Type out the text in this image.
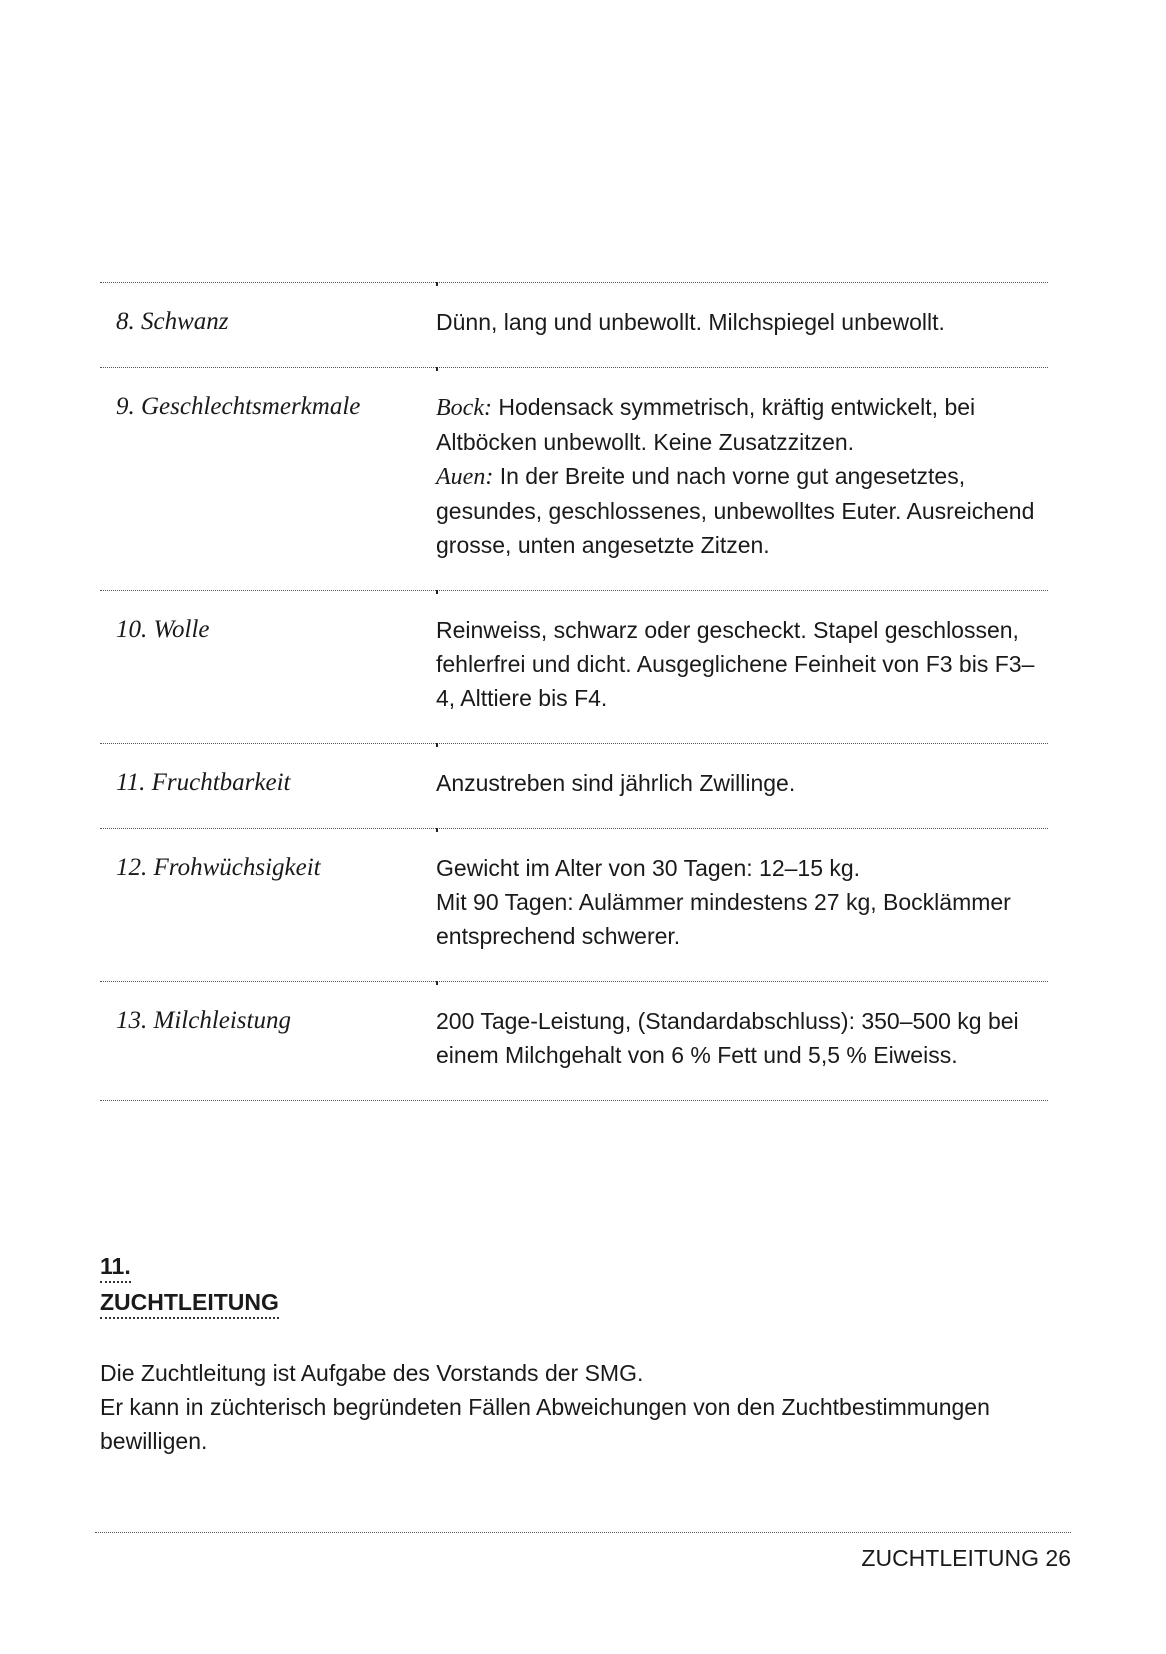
8. Schwanz	Dünn, lang und unbewollt. Milchspiegel unbewollt.
9. Geschlechtsmerkmale	Bock: Hodensack symmetrisch, kräftig entwickelt, bei Altböcken unbewollt. Keine Zusatzzitzen.
Auen: In der Breite und nach vorne gut angesetztes, gesundes, geschlossenes, unbewolltes Euter. Ausreichend grosse, unten angesetzte Zitzen.
10. Wolle	Reinweiss, schwarz oder gescheckt. Stapel geschlossen, fehlerfrei und dicht. Ausgeglichene Feinheit von F3 bis F3–4, Alttiere bis F4.
11. Fruchtbarkeit	Anzustreben sind jährlich Zwillinge.
12. Frohwüchsigkeit	Gewicht im Alter von 30 Tagen: 12–15 kg.
Mit 90 Tagen: Aulämmer mindestens 27 kg, Bocklämmer entsprechend schwerer.
13. Milchleistung	200 Tage-Leistung, (Standardabschluss): 350–500 kg bei einem Milchgehalt von 6 % Fett und 5,5 % Eiweiss.
11.
ZUCHTLEITUNG
Die Zuchtleitung ist Aufgabe des Vorstands der SMG.
Er kann in züchterisch begründeten Fällen Abweichungen von den Zuchtbestimmungen bewilligen.
ZUCHTLEITUNG 26
